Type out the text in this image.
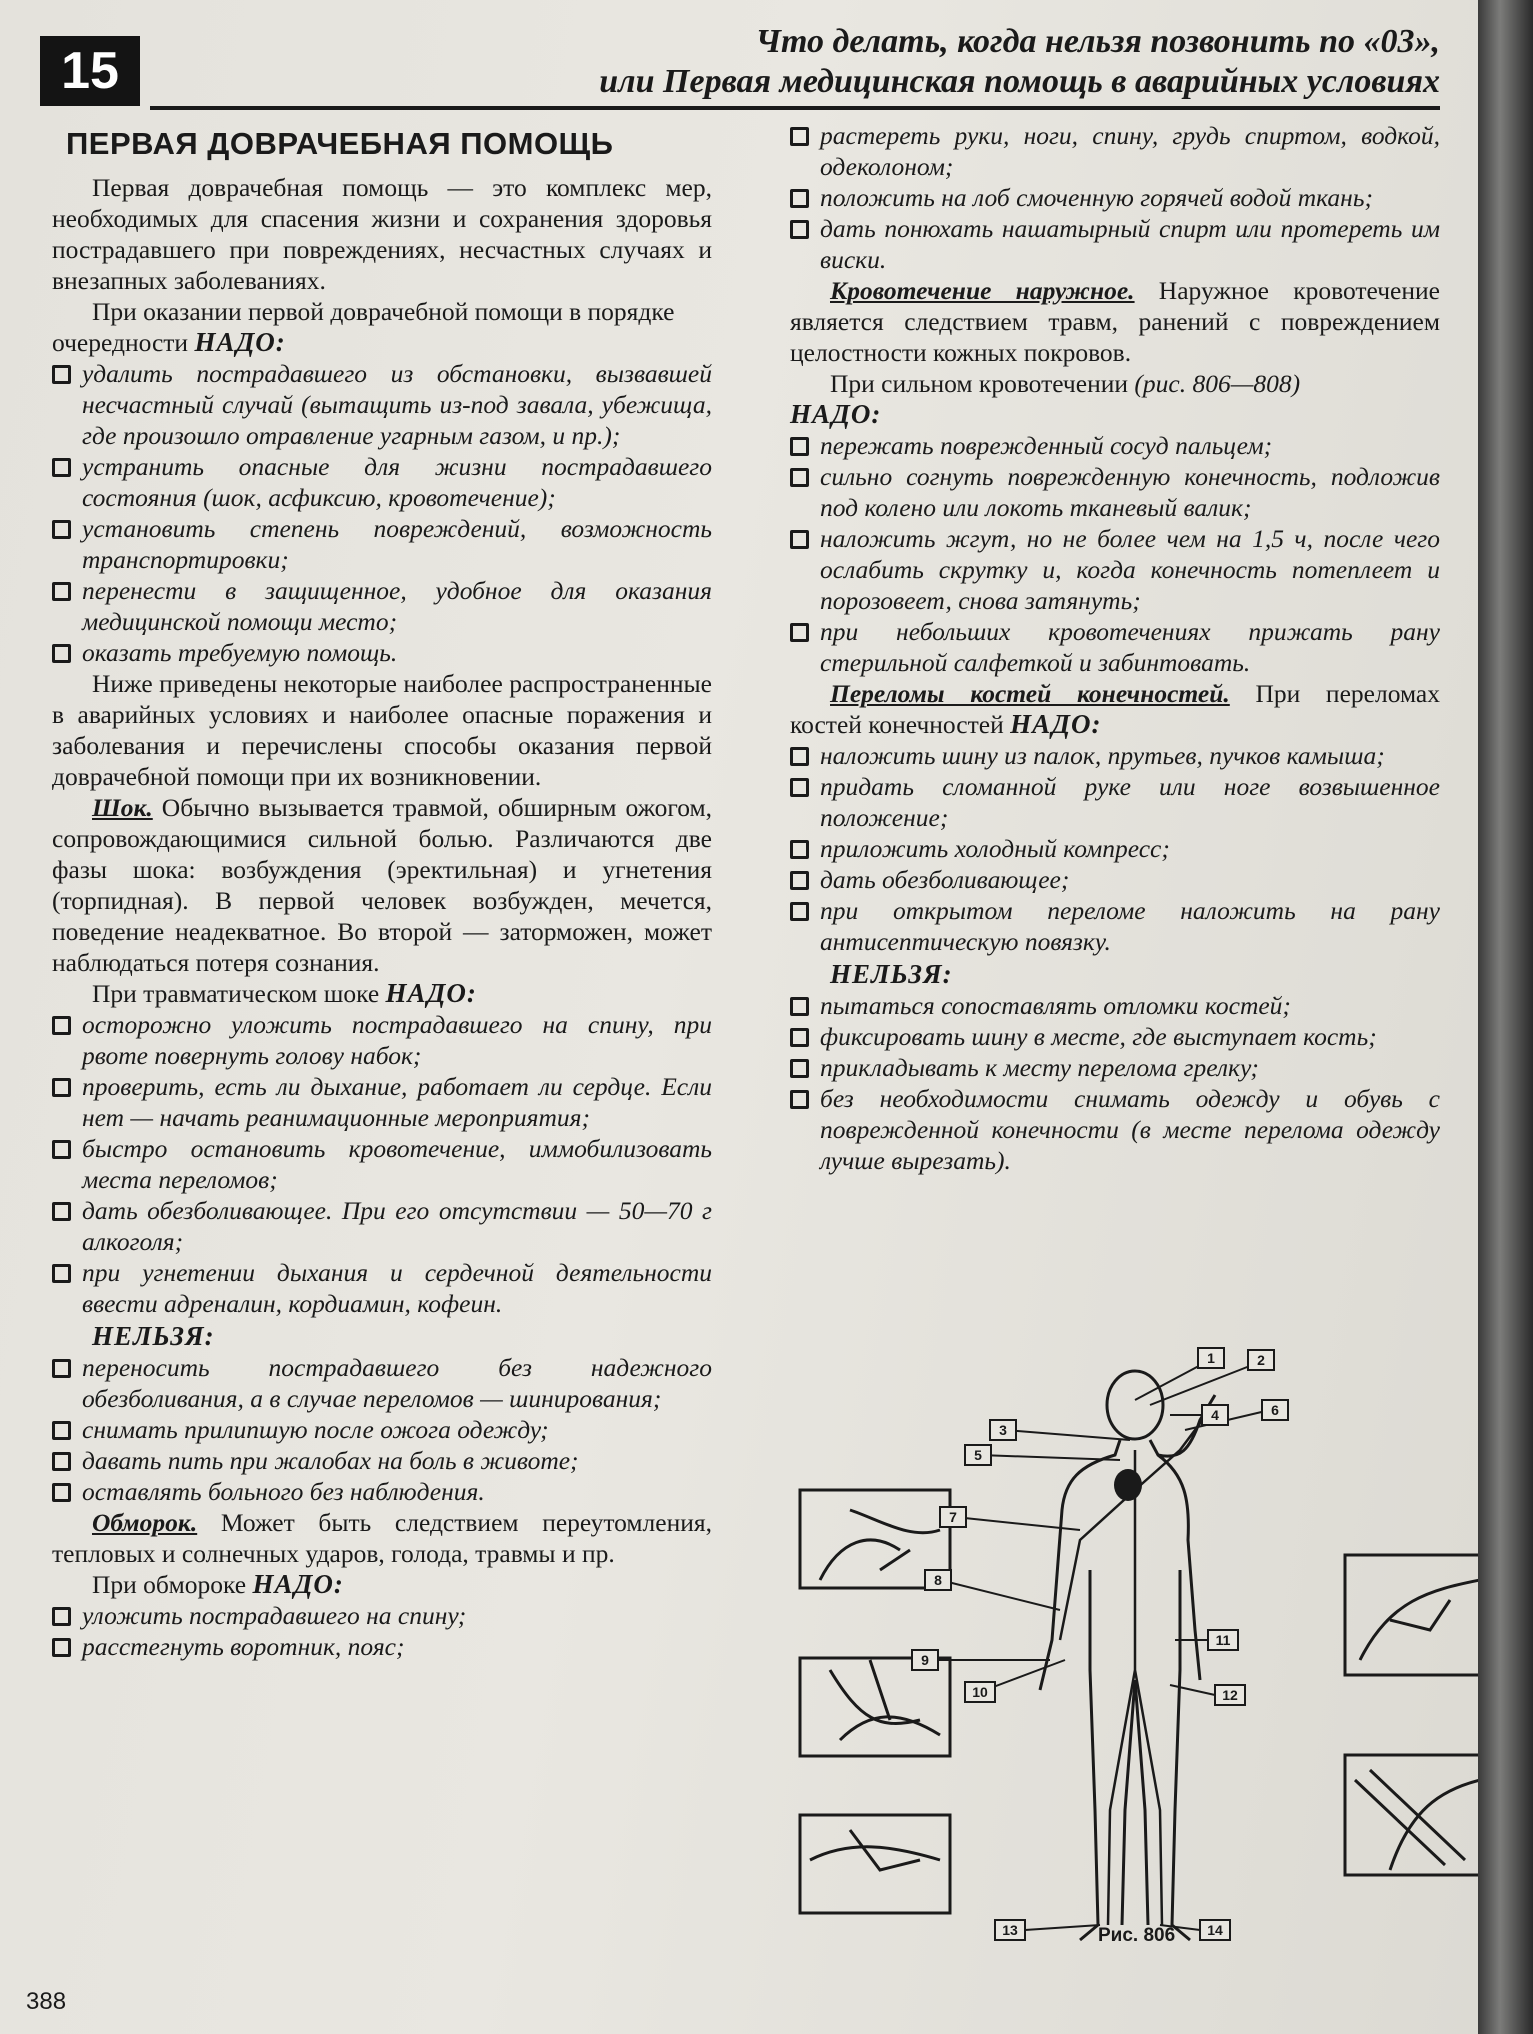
15
Что делать, когда нельзя позвонить по «03»,
или Первая медицинская помощь в аварийных условиях
ПЕРВАЯ ДОВРАЧЕБНАЯ ПОМОЩЬ

Первая доврачебная помощь — это комплекс мер, необходимых для спасения жизни и сохранения здоровья пострадавшего при повреждениях, несчастных случаях и внезапных заболеваниях.

При оказании первой доврачебной помощи в порядке очередности НАДО:

удалить пострадавшего из обстановки, вызвавшей несчастный случай (вытащить из-под завала, убежища, где произошло отравление угарным газом, и пр.);
устранить опасные для жизни пострадавшего состояния (шок, асфиксию, кровотечение);
установить степень повреждений, возможность транспортировки;
перенести в защищенное, удобное для оказания медицинской помощи место;
оказать требуемую помощь.

Ниже приведены некоторые наиболее распространенные в аварийных условиях и наиболее опасные поражения и заболевания и перечислены способы оказания первой доврачебной помощи при их возникновении.

Шок. Обычно вызывается травмой, обширным ожогом, сопровождающимися сильной болью. Различаются две фазы шока: возбуждения (эректильная) и угнетения (торпидная). В первой человек возбужден, мечется, поведение неадекватное. Во второй — заторможен, может наблюдаться потеря сознания.

При травматическом шоке НАДО:

осторожно уложить пострадавшего на спину, при рвоте повернуть голову набок;
проверить, есть ли дыхание, работает ли сердце. Если нет — начать реанимационные мероприятия;
быстро остановить кровотечение, иммобилизовать места переломов;
дать обезболивающее. При его отсутствии — 50—70 г алкоголя;
при угнетении дыхания и сердечной деятельности ввести адреналин, кордиамин, кофеин.
НЕЛЬЗЯ:
переносить пострадавшего без надежного обезболивания, а в случае переломов — шинирования;
снимать прилипшую после ожога одежду;
давать пить при жалобах на боль в животе;
оставлять больного без наблюдения.

Обморок. Может быть следствием переутомления, тепловых и солнечных ударов, голода, травмы и пр.

При обмороке НАДО:

уложить пострадавшего на спину;
расстегнуть воротник, пояс;
растереть руки, ноги, спину, грудь спиртом, водкой, одеколоном;
положить на лоб смоченную горячей водой ткань;
дать понюхать нашатырный спирт или протереть им виски.

Кровотечение наружное. Наружное кровотечение является следствием травм, ранений с повреждением целостности кожных покровов.

При сильном кровотечении (рис. 806—808)

НАДО:
пережать поврежденный сосуд пальцем;
сильно согнуть поврежденную конечность, подложив под колено или локоть тканевый валик;
наложить жгут, но не более чем на 1,5 ч, после чего ослабить скрутку и, когда конечность потеплеет и порозовеет, снова затянуть;
при небольших кровотечениях прижать рану стерильной салфеткой и забинтовать.

Переломы костей конечностей. При переломах костей конечностей НАДО:

наложить шину из палок, прутьев, пучков камыша;
придать сломанной руке или ноге возвышенное положение;
приложить холодный компресс;
дать обезболивающее;
при открытом переломе наложить на рану антисептическую повязку.
НЕЛЬЗЯ:
пытаться сопоставлять отломки костей;
фиксировать шину в месте, где выступает кость;
прикладывать к месту перелома грелку;
без необходимости снимать одежду и обувь с поврежденной конечности (в месте перелома одежду лучше вырезать).
1	2
3
4
5
6
7
8
9
10
11
12
13	14
Рис. 806
388
